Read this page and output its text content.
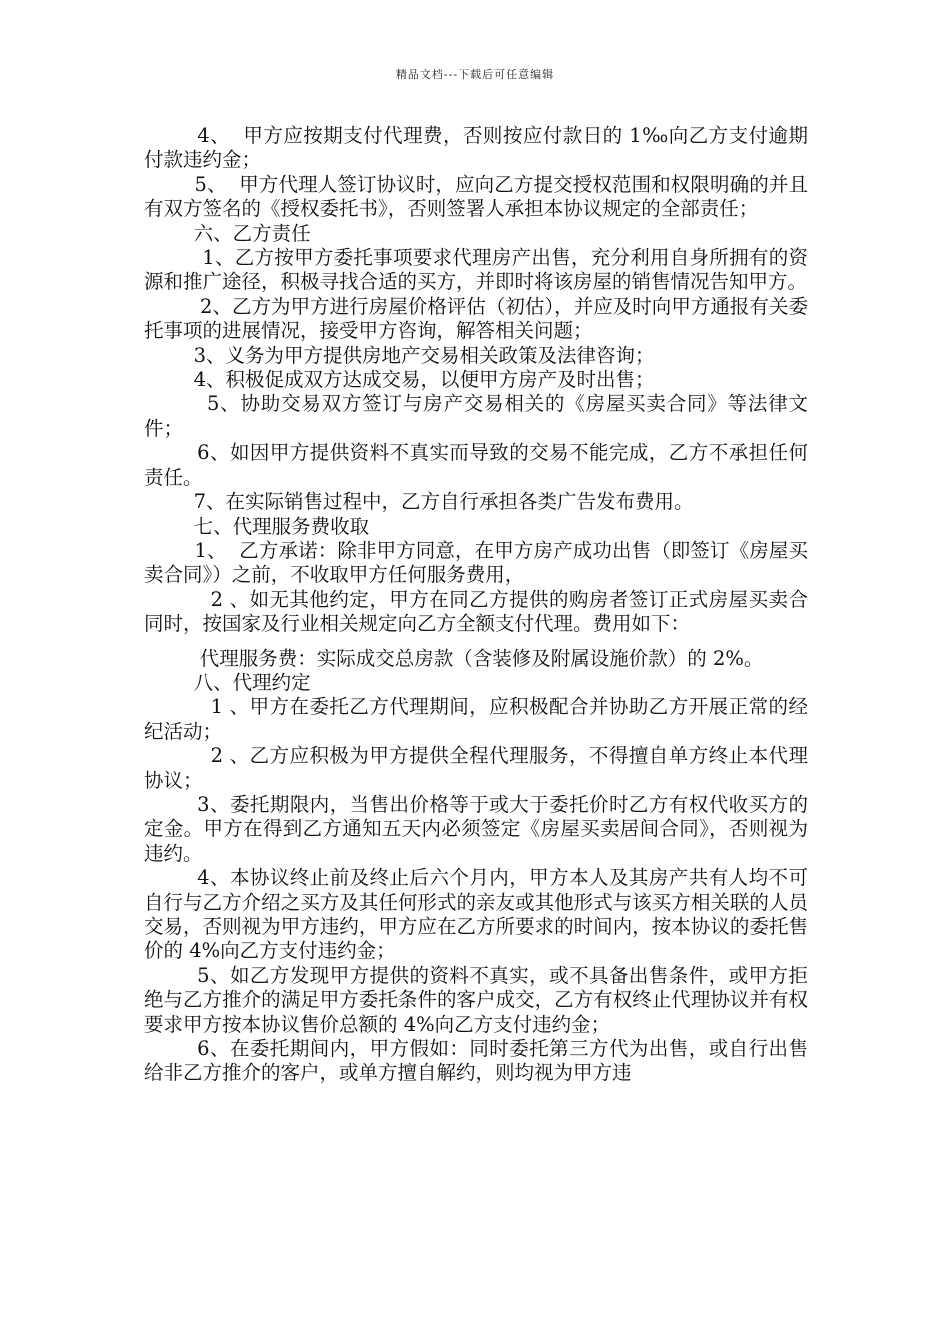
精品文档---下载后可任意编辑

4、  甲方应按期支付代理费，否则按应付款日的 1‰向乙方支付逾期付款违约金；

5、  甲方代理人签订协议时，应向乙方提交授权范围和权限明确的并且有双方签名的《授权委托书》，否则签署人承担本协议规定的全部责任；

六、乙方责任

1、乙方按甲方委托事项要求代理房产出售，充分利用自身所拥有的资源和推广途径，积极寻找合适的买方，并即时将该房屋的销售情况告知甲方。

2、乙方为甲方进行房屋价格评估（初估），并应及时向甲方通报有关委托事项的进展情况，接受甲方咨询，解答相关问题；

3、义务为甲方提供房地产交易相关政策及法律咨询；

4、积极促成双方达成交易，以便甲方房产及时出售；

5、协助交易双方签订与房产交易相关的《房屋买卖合同》等法律文件；

6、如因甲方提供资料不真实而导致的交易不能完成，乙方不承担任何责任。

7、在实际销售过程中，乙方自行承担各类广告发布费用。

七、代理服务费收取

1、  乙方承诺：除非甲方同意，在甲方房产成功出售（即签订《房屋买卖合同》）之前，不收取甲方任何服务费用，

2 、如无其他约定，甲方在同乙方提供的购房者签订正式房屋买卖合同时，按国家及行业相关规定向乙方全额支付代理。费用如下：

代理服务费：实际成交总房款（含装修及附属设施价款）的 2%。

八、代理约定

1 、甲方在委托乙方代理期间，应积极配合并协助乙方开展正常的经纪活动；

2 、乙方应积极为甲方提供全程代理服务，不得擅自单方终止本代理协议；

3、委托期限内，当售出价格等于或大于委托价时乙方有权代收买方的定金。甲方在得到乙方通知五天内必须签定《房屋买卖居间合同》，否则视为违约。

4、本协议终止前及终止后六个月内，甲方本人及其房产共有人均不可自行与乙方介绍之买方及其任何形式的亲友或其他形式与该买方相关联的人员交易，否则视为甲方违约，甲方应在乙方所要求的时间内，按本协议的委托售价的 4%向乙方支付违约金；

5、如乙方发现甲方提供的资料不真实，或不具备出售条件，或甲方拒绝与乙方推介的满足甲方委托条件的客户成交，乙方有权终止代理协议并有权要求甲方按本协议售价总额的 4%向乙方支付违约金；

6、在委托期间内，甲方假如：同时委托第三方代为出售，或自行出售给非乙方推介的客户，或单方擅自解约，则均视为甲方违
